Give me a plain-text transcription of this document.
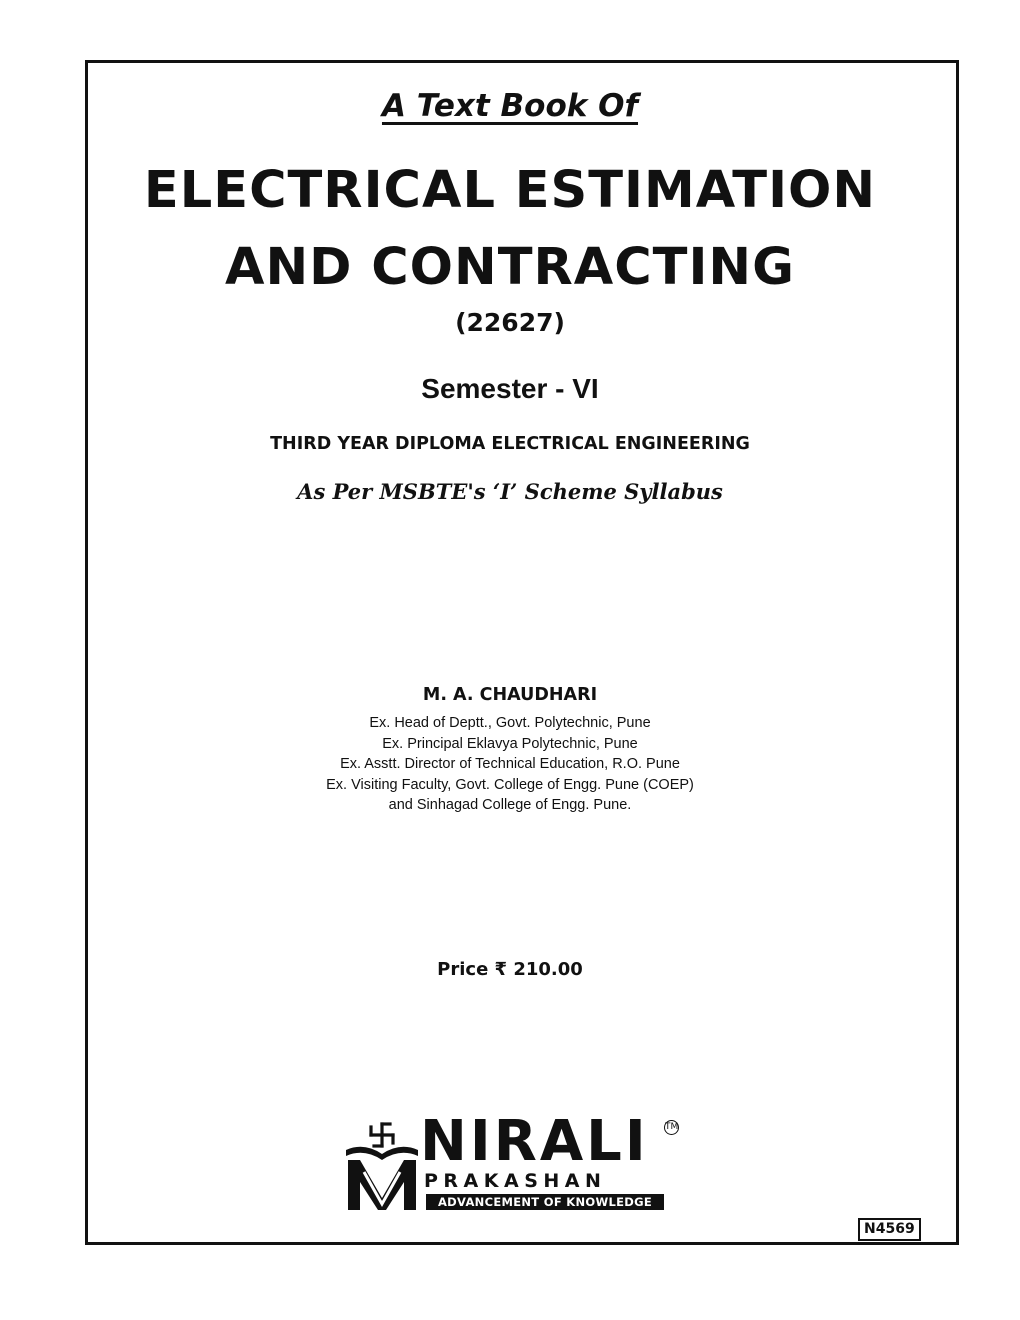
A Text Book Of
ELECTRICAL ESTIMATION
AND CONTRACTING
(22627)
Semester - VI
THIRD YEAR DIPLOMA ELECTRICAL ENGINEERING
As Per MSBTE's ‘I’ Scheme Syllabus
M. A. CHAUDHARI
Ex. Head of Deptt., Govt. Polytechnic, Pune
Ex. Principal Eklavya Polytechnic, Pune
Ex. Asstt. Director of Technical Education, R.O. Pune
Ex. Visiting Faculty, Govt. College of Engg. Pune (COEP)
and Sinhagad College of Engg. Pune.
Price ₹ 210.00
NIRALI TM
PRAKASHAN
ADVANCEMENT OF KNOWLEDGE
N4569
